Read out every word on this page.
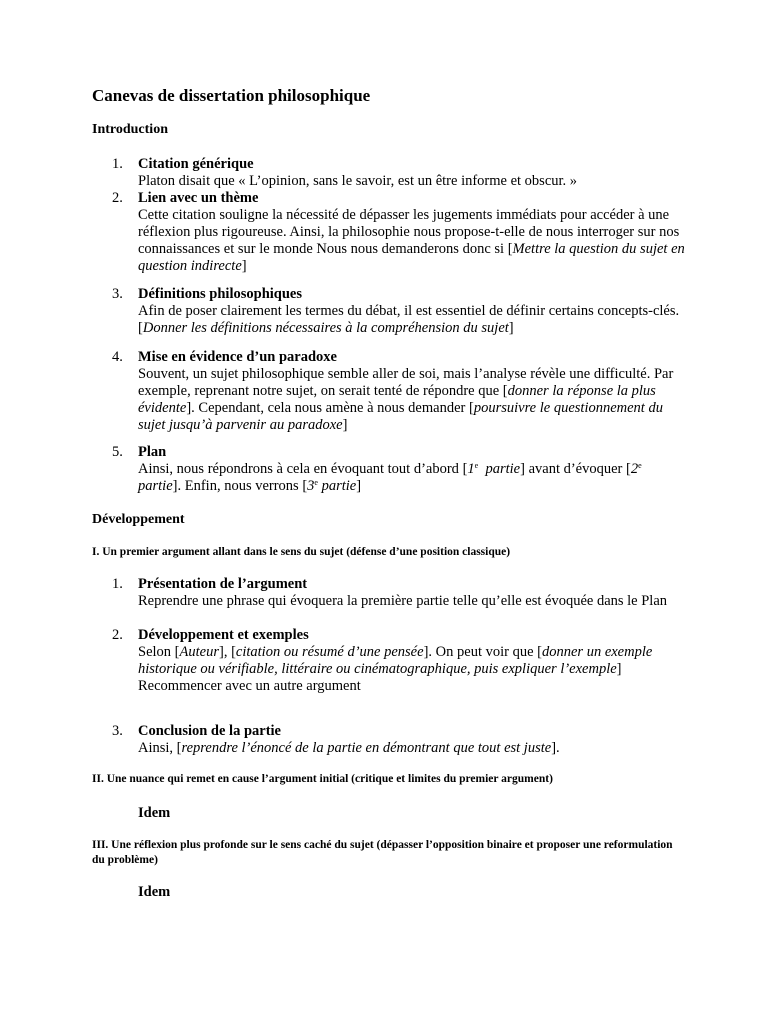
Canevas de dissertation philosophique
Introduction
1. Citation générique
Platon disait que « L’opinion, sans le savoir, est un être informe et obscur. »
2. Lien avec un thème
Cette citation souligne la nécessité de dépasser les jugements immédiats pour accéder à une réflexion plus rigoureuse. Ainsi, la philosophie nous propose-t-elle de nous interroger sur nos connaissances et sur le monde Nous nous demanderons donc si [Mettre la question du sujet en question indirecte]
3. Définitions philosophiques
Afin de poser clairement les termes du débat, il est essentiel de définir certains concepts-clés. [Donner les définitions nécessaires à la compréhension du sujet]
4. Mise en évidence d’un paradoxe
Souvent, un sujet philosophique semble aller de soi, mais l’analyse révèle une difficulté. Par exemple, reprenant notre sujet, on serait tenté de répondre que [donner la réponse la plus évidente]. Cependant, cela nous amène à nous demander [poursuivre le questionnement du sujet jusqu’à parvenir au paradoxe]
5. Plan
Ainsi, nous répondrons à cela en évoquant tout d’abord [1e partie] avant d’évoquer [2e partie]. Enfin, nous verrons [3e partie]
Développement
I. Un premier argument allant dans le sens du sujet (défense d’une position classique)
1. Présentation de l’argument
Reprendre une phrase qui évoquera la première partie telle qu’elle est évoquée dans le Plan
2. Développement et exemples
Selon [Auteur], [citation ou résumé d’une pensée]. On peut voir que [donner un exemple historique ou vérifiable, littéraire ou cinématographique, puis expliquer l’exemple]
Recommencer avec un autre argument
3. Conclusion de la partie
Ainsi, [reprendre l’énoncé de la partie en démontrant que tout est juste].
II. Une nuance qui remet en cause l’argument initial (critique et limites du premier argument)
Idem
III. Une réflexion plus profonde sur le sens caché du sujet (dépasser l’opposition binaire et proposer une reformulation du problème)
Idem
